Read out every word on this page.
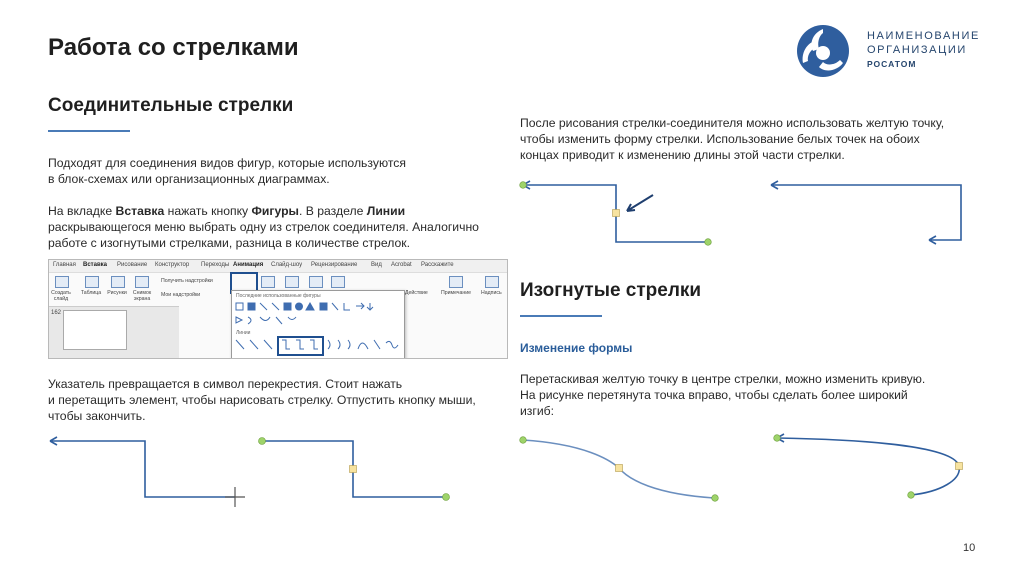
Работа со стрелками	НАИМЕНОВАНИЕ
ОРГАНИЗАЦИИ
РОСАТОМ
Соединительные стрелки
Подходят для соединения видов фигур, которые используются
в блок-схемах или организационных диаграммах.
На вкладке Вставка нажать кнопку Фигуры. В разделе Линии
раскрывающегося меню выбрать одну из стрелок соединителя. Аналогично
работе с изогнутыми стрелками, разница в количестве стрелок.
Главная Вставка Рисование Конструктор Переходы Анимация Слайд-шоу Рецензирование Вид Acrobat Расскажите
Создать слайд
Таблица	Рисунки	Снимок экрана
Получить надстройки
Мои надстройки	Действие	Примечание Надпись
162
Последние использованные фигуры
Линии
Указатель превращается в символ перекрестия. Стоит нажать
и перетащить элемент, чтобы нарисовать стрелку. Отпустить кнопку мыши,
чтобы закончить.
После рисования стрелки-соединителя можно использовать желтую точку,
чтобы изменить форму стрелки. Использование белых точек на обоих
концах приводит к изменению длины этой части стрелки.
Изогнутые стрелки
Изменение формы
Перетаскивая желтую точку в центре стрелки, можно изменить кривую.
На рисунке перетянута точка вправо, чтобы сделать более широкий
изгиб:
10
